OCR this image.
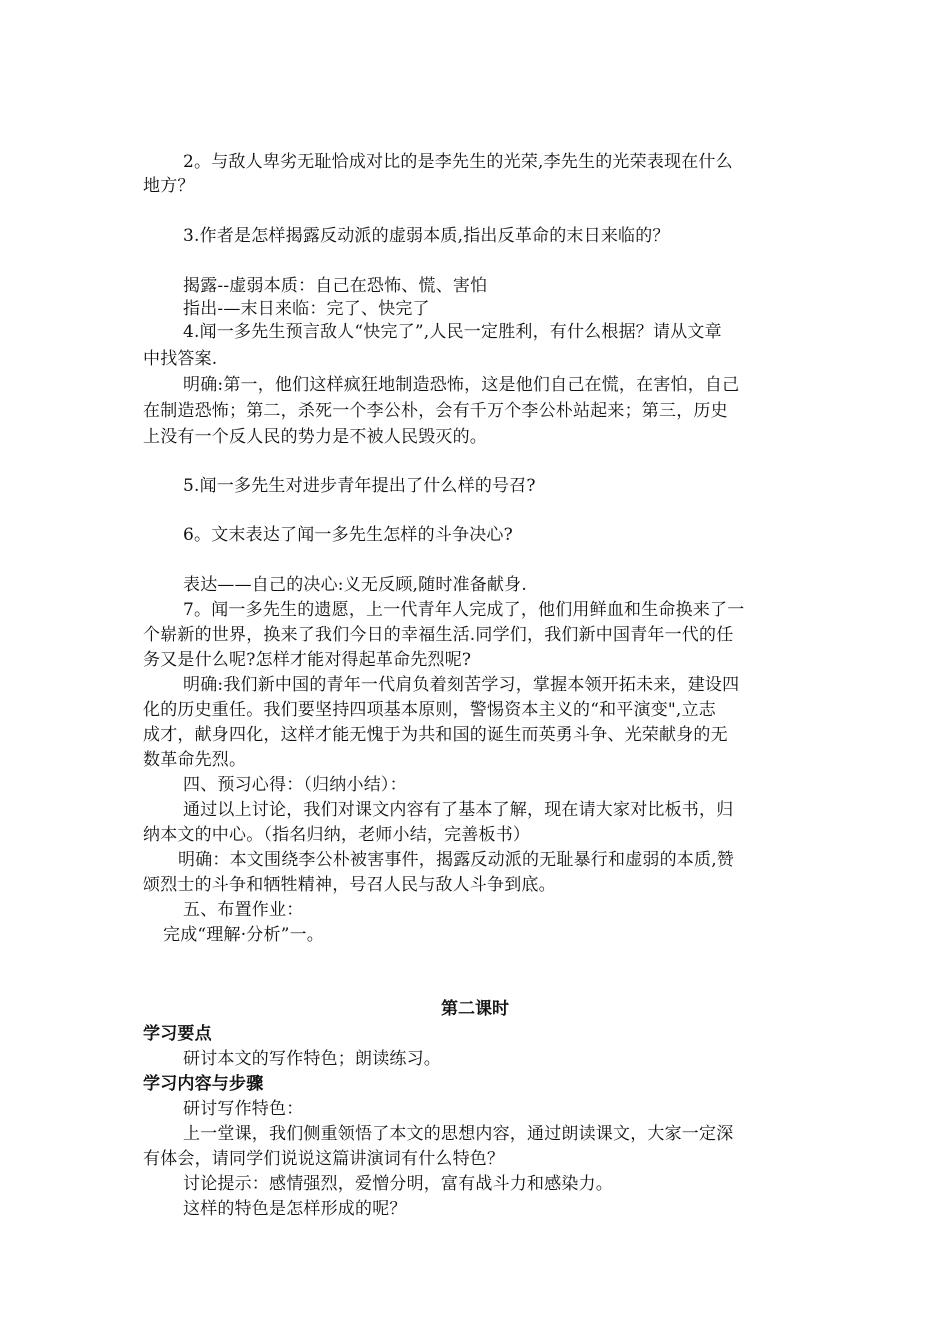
2。与敌人卑劣无耻恰成对比的是李先生的光荣,李先生的光荣表现在什么
地方？
3.作者是怎样揭露反动派的虚弱本质,指出反革命的末日来临的？
揭露--虚弱本质：自己在恐怖、慌、害怕
指出-—末日来临：完了、快完了
4.闻一多先生预言敌人“快完了”,人民一定胜利，有什么根据？请从文章
中找答案.
明确:第一，他们这样疯狂地制造恐怖，这是他们自己在慌，在害怕，自己
在制造恐怖；第二，杀死一个李公朴，会有千万个李公朴站起来；第三，历史
上没有一个反人民的势力是不被人民毁灭的。
5.闻一多先生对进步青年提出了什么样的号召?
6。文末表达了闻一多先生怎样的斗争决心?
表达——自己的决心:义无反顾,随时准备献身.
7。闻一多先生的遗愿，上一代青年人完成了，他们用鲜血和生命换来了一
个崭新的世界，换来了我们今日的幸福生活.同学们，我们新中国青年一代的任
务又是什么呢?怎样才能对得起革命先烈呢?
明确:我们新中国的青年一代肩负着刻苦学习，掌握本领开拓未来，建设四
化的历史重任。我们要坚持四项基本原则，警惕资本主义的“和平演变",立志
成才，献身四化，这样才能无愧于为共和国的诞生而英勇斗争、光荣献身的无
数革命先烈。
四、预习心得：（归纳小结）：
通过以上讨论，我们对课文内容有了基本了解，现在请大家对比板书，归
纳本文的中心。（指名归纳，老师小结，完善板书）
明确：本文围绕李公朴被害事件，揭露反动派的无耻暴行和虚弱的本质,赞
颂烈士的斗争和牺牲精神，号召人民与敌人斗争到底。
五、布置作业：
完成“理解·分析”一。
第二课时
学习要点
研讨本文的写作特色；朗读练习。
学习内容与步骤
研讨写作特色：
上一堂课，我们侧重领悟了本文的思想内容，通过朗读课文，大家一定深
有体会，请同学们说说这篇讲演词有什么特色？
讨论提示：感情强烈，爱憎分明，富有战斗力和感染力。
这样的特色是怎样形成的呢？
